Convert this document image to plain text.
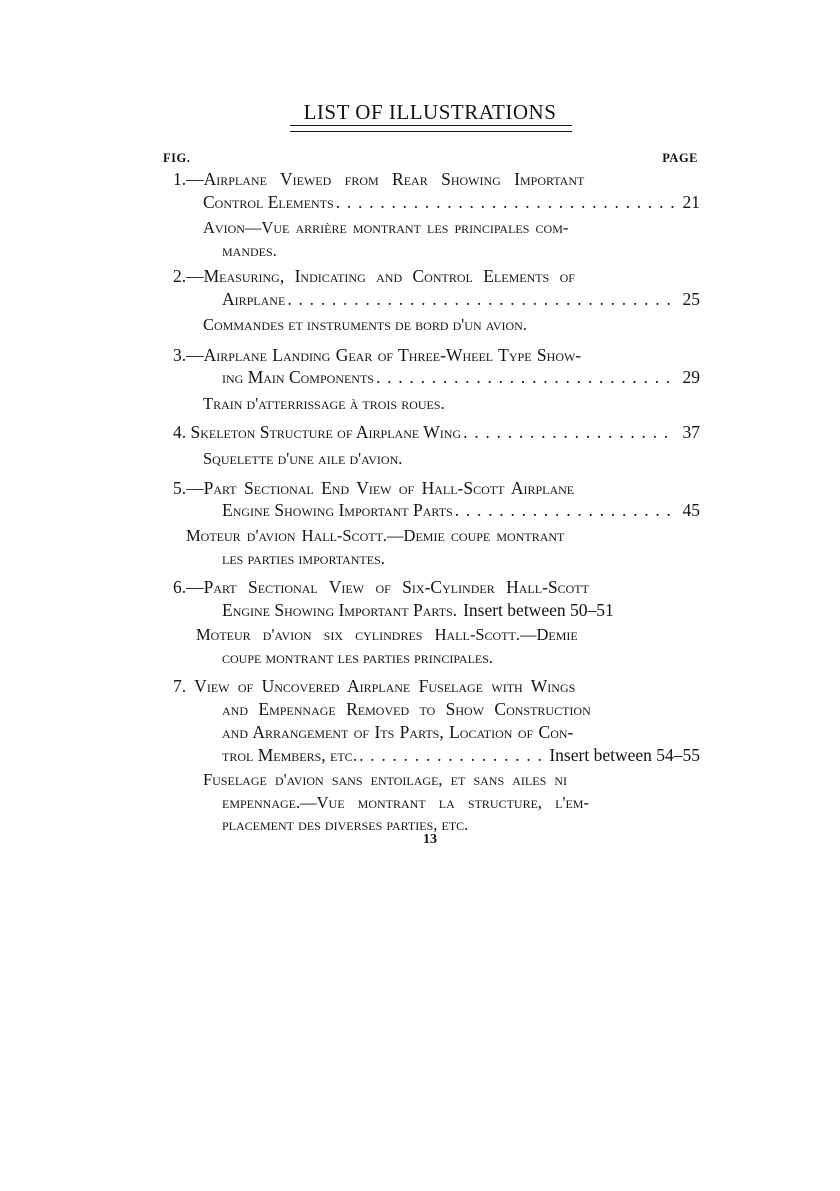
LIST OF ILLUSTRATIONS
FIG.	PAGE
1.—Airplane Viewed from Rear Showing Important
Control Elements . . .	21
Avion—Vue arrière montrant les principales com-
mandes.
2.—Measuring, Indicating and Control Elements of
Airplane . . .	25
Commandes et instruments de bord d'un avion.
3.—Airplane Landing Gear of Three-Wheel Type Show-
ing Main Components . . .	29
Train d'atterrissage à trois roues.
4. Skeleton Structure of Airplane Wing . . .	37
Squelette d'une aile d'avion.
5.—Part Sectional End View of Hall-Scott Airplane
Engine Showing Important Parts . . .	45
Moteur d'avion Hall-Scott.—Demie coupe montrant
les parties importantes.
6.—Part Sectional View of Six-Cylinder Hall-Scott
Engine Showing Important Parts. Insert between 50–51
Moteur d'avion six cylindres Hall-Scott.—Demie
coupe montrant les parties principales.
7. View of Uncovered Airplane Fuselage with Wings
and Empennage Removed to Show Construction
and Arrangement of Its Parts, Location of Con-
trol Members, etc. . . .	Insert between 54–55
Fuselage d'avion sans entoilage, et sans ailes ni
empennage.—Vue montrant la structure, l'em-
placement des diverses parties, etc.
13
